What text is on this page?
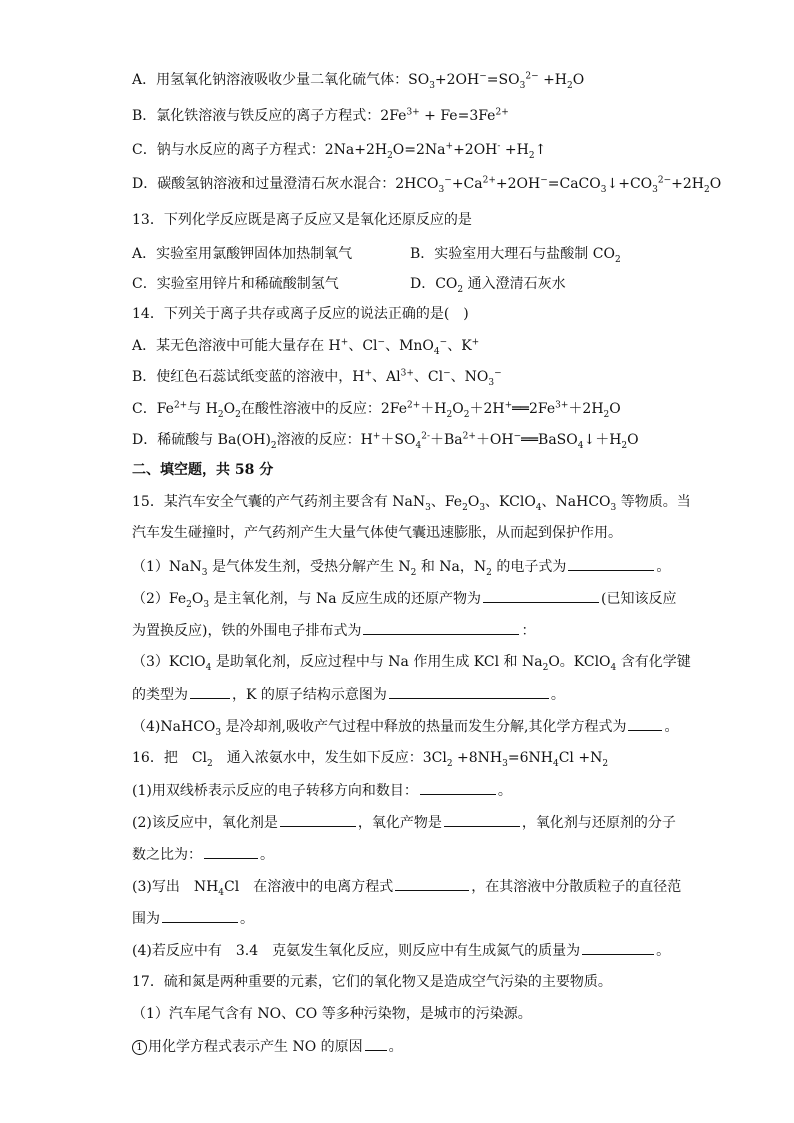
A．用氢氧化钠溶液吸收少量二氧化硫气体：$SO_3+2OH^-=SO_3^{2-} +H_2O$
B．氯化铁溶液与铁反应的离子方程式：$2Fe^{3+} + Fe=3Fe^{2+}$
C．钠与水反应的离子方程式：$2Na+2H_2O=2Na^++2OH^-$ $+H_2↑$
D．碳酸氢钠溶液和过量澄清石灰水混合：$2HCO_3^-+Ca^{2+}+2OH^-=CaCO_3↓+CO_3^{2-}+2H_2O$
13．下列化学反应既是离子反应又是氧化还原反应的是
A．实验室用氯酸钾固体加热制氧气	B．实验室用大理石与盐酸制 $CO_2$
C．实验室用锌片和稀硫酸制氢气	D．$CO_2$ 通入澄清石灰水
14．下列关于离子共存或离子反应的说法正确的是(　)
A．某无色溶液中可能大量存在 H+、Cl−、MnO$_4$−、K+
B．使红色石蕊试纸变蓝的溶液中，H+、$Al^{3+}$、Cl−、$NO_3^-$
C．$Fe^{2+}$与 $H_2O_2$在酸性溶液中的反应：$2Fe^{2+}+H_2O_2+2H^+══2Fe^{3+}+2H_2O$
D．稀硫酸与 $Ba(OH)_2$溶液的反应：$H^++SO_4^{2-}+Ba^{2+}+OH^-══BaSO_4↓+H_2O$
二、填空题，共 58 分
15．某汽车安全气囊的产气药剂主要含有 NaN$_3$、$Fe_2O_3$、KClO$_4$、NaHCO$_3$ 等物质。当
汽车发生碰撞时，产气药剂产生大量气体使气囊迅速膨胀，从而起到保护作用。
（1）NaN$_3$ 是气体发生剂，受热分解产生 $N_2$ 和 Na，$N_2$ 的电子式为	。
$(2)Fe_2O_3$ 是主氧化剂，与 Na 反应生成的还原产物为	(已知该反应
为置换反应)，铁的外围电子排布式为	：
（3）KClO$_4$ 是助氧化剂，反应过程中与 Na 作用生成 KCl 和 $Na_2O$。KClO$_4$ 含有化学键
的类型为	，K 的原子结构示意图为	。
（4)NaHCO$_3$ 是冷却剂,吸收产气过程中释放的热量而发生分解,其化学方程式为	。
16．把　$Cl_2$　通入浓氨水中，发生如下反应：$3Cl_2 +8NH_3=6NH_4Cl +N_2$
(1)用双线桥表示反应的电子转移方向和数目：	。
(2)该反应中，氧化剂是	，氧化产物是	，氧化剂与还原剂的分子
数之比为：	。
(3)写出　$NH_4Cl$　在溶液中的电离方程式	，在其溶液中分散质粒子的直径范
围为	。
(4)若反应中有　3.4　克氨发生氧化反应，则反应中有生成氮气的质量为	。
17．硫和氮是两种重要的元素，它们的氧化物又是造成空气污染的主要物质。
（1）汽车尾气含有 NO、CO 等多种污染物，是城市的污染源。
1 用化学方程式表示产生 NO 的原因 。
